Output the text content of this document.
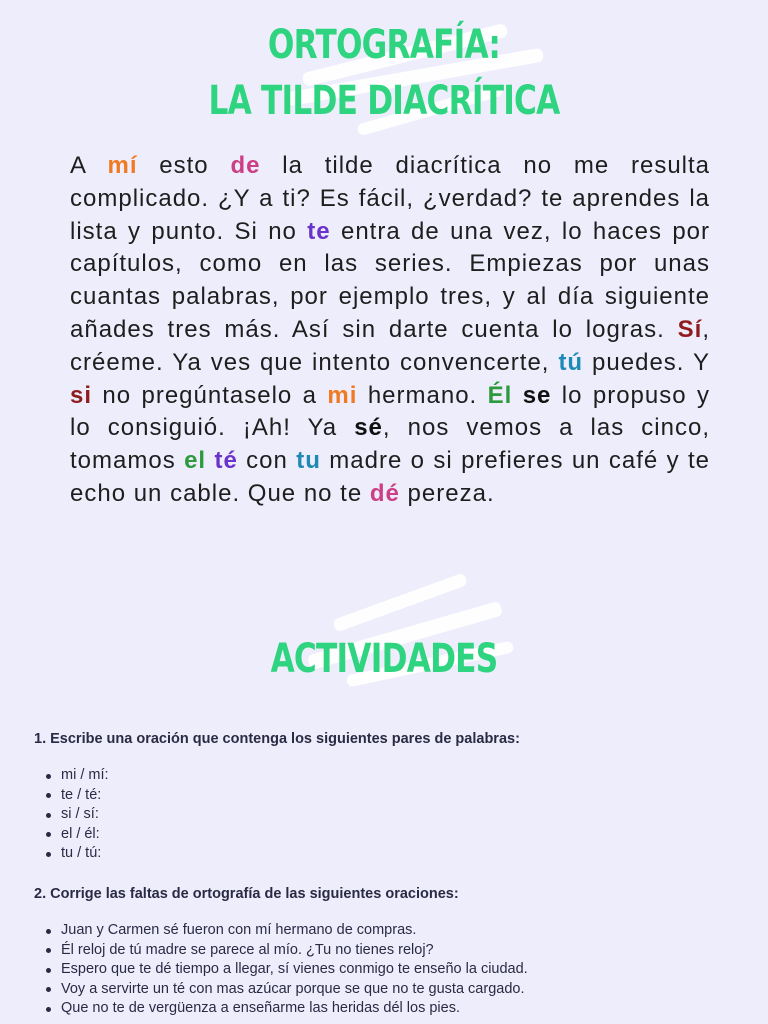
ORTOGRAFÍA:
LA TILDE DIACRÍTICA
A mí esto de la tilde diacrítica no me resulta complicado. ¿Y a ti? Es fácil, ¿verdad? te aprendes la lista y punto. Si no te entra de una vez, lo haces por capítulos, como en las series. Empiezas por unas cuantas palabras, por ejemplo tres, y al día siguiente añades tres más. Así sin darte cuenta lo logras. Sí, créeme. Ya ves que intento convencerte, tú puedes. Y si no pregúntaselo a mi hermano. Él se lo propuso y lo consiguió. ¡Ah! Ya sé, nos vemos a las cinco, tomamos el té con tu madre o si prefieres un café y te echo un cable. Que no te dé pereza.
ACTIVIDADES
1. Escribe una oración que contenga los siguientes pares de palabras:
mi / mí:
te / té:
si / sí:
el / él:
tu / tú:
2. Corrige las faltas de ortografía de las siguientes oraciones:
Juan y Carmen sé fueron con mí hermano de compras.
Él reloj de tú madre se parece al mío. ¿Tu no tienes reloj?
Espero que te dé tiempo a llegar, sí vienes conmigo te enseño la ciudad.
Voy a servirte un té con mas azúcar porque se que no te gusta cargado.
Que no te de vergüenza a enseñarme las heridas dél los pies.
